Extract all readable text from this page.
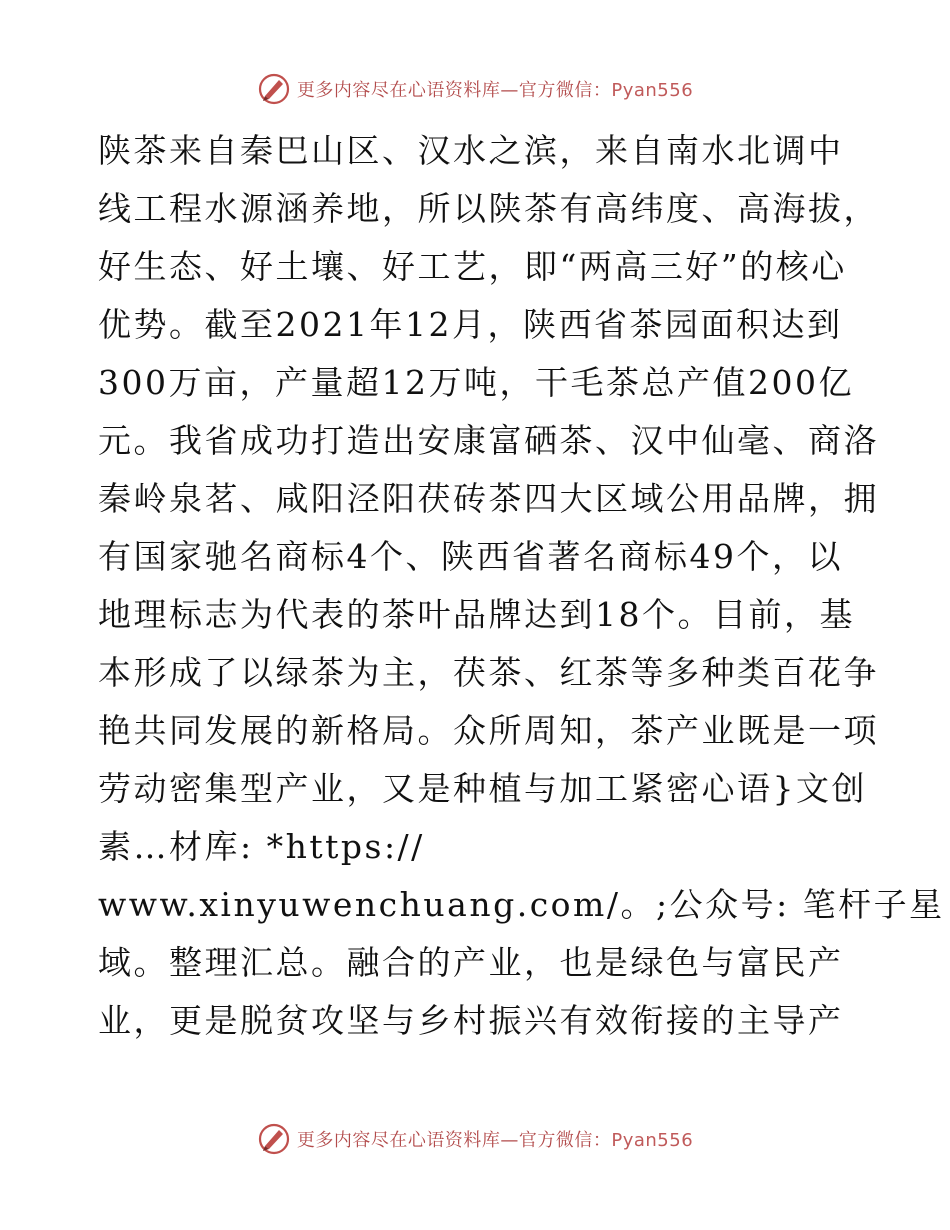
更多内容尽在心语资料库—官方微信：Pyan556
陕茶来自秦巴山区、汉水之滨，来自南水北调中
线工程水源涵养地，所以陕茶有高纬度、高海拔，
好生态、好土壤、好工艺，即“两高三好”的核心
优势。截至2021年12月，陕西省茶园面积达到
300万亩，产量超12万吨，干毛茶总产值200亿
元。我省成功打造出安康富硒茶、汉中仙毫、商洛
秦岭泉茗、咸阳泾阳茯砖茶四大区域公用品牌，拥
有国家驰名商标4个、陕西省著名商标49个，以
地理标志为代表的茶叶品牌达到18个。目前，基
本形成了以绿茶为主，茯茶、红茶等多种类百花争
艳共同发展的新格局。众所周知，茶产业既是一项
劳动密集型产业，又是种植与加工紧密心语}文创
素…材库: *https://
www.xinyuwenchuang.com/。;公众号: 笔杆子星
域。整理汇总。融合的产业，也是绿色与富民产
业，更是脱贫攻坚与乡村振兴有效衔接的主导产
更多内容尽在心语资料库—官方微信：Pyan556
